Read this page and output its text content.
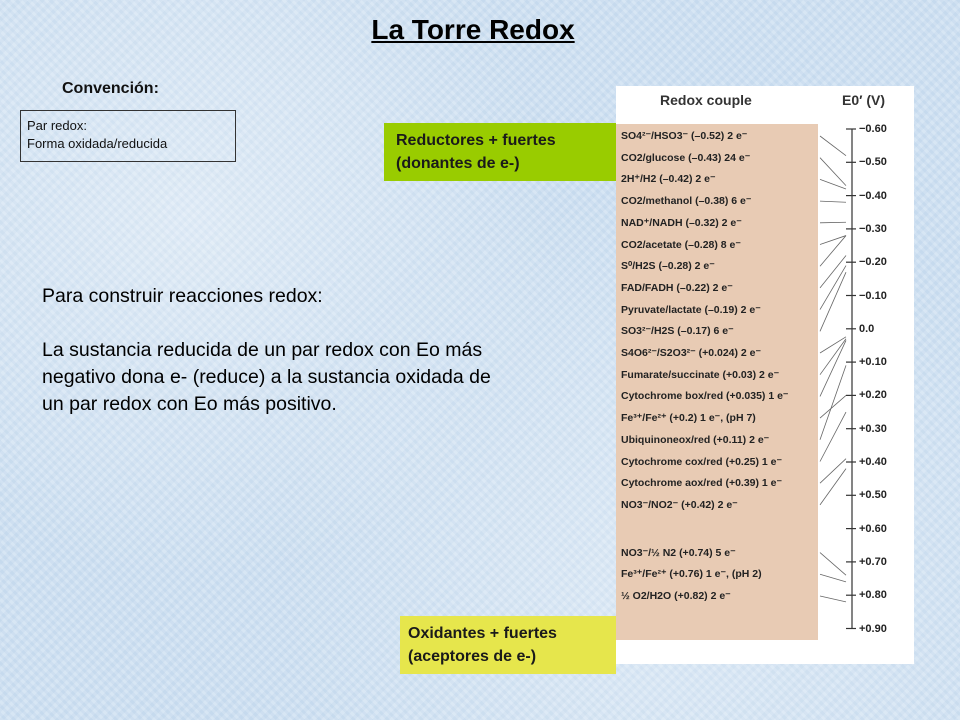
La Torre Redox
Convención:
Par redox:
Forma oxidada/reducida

Para construir reacciones redox:

La sustancia reducida de un par redox con Eo más negativo dona e- (reduce) a la sustancia oxidada de un par redox con Eo más positivo.

Reductores + fuertes
(donantes de e-)
Oxidantes + fuertes
(aceptores de e-)
Redox couple	E0′ (V)
SO4²⁻/HSO3⁻ (–0.52) 2 e⁻
CO2/glucose (–0.43) 24 e⁻
2H⁺/H2 (–0.42) 2 e⁻
CO2/methanol (–0.38) 6 e⁻
NAD⁺/NADH (–0.32) 2 e⁻
CO2/acetate (–0.28) 8 e⁻
S⁰/H2S (–0.28) 2 e⁻
FAD/FADH (–0.22) 2 e⁻
Pyruvate/lactate (–0.19) 2 e⁻
SO3²⁻/H2S (–0.17) 6 e⁻
S4O6²⁻/S2O3²⁻ (+0.024) 2 e⁻
Fumarate/succinate (+0.03) 2 e⁻
Cytochrome box/red (+0.035) 1 e⁻
Fe³⁺/Fe²⁺ (+0.2) 1 e⁻, (pH 7)
Ubiquinoneox/red (+0.11) 2 e⁻
Cytochrome cox/red (+0.25) 1 e⁻
Cytochrome aox/red (+0.39) 1 e⁻
NO3⁻/NO2⁻ (+0.42) 2 e⁻
NO3⁻/½ N2 (+0.74) 5 e⁻
Fe³⁺/Fe²⁺ (+0.76) 1 e⁻, (pH 2)
½ O2/H2O (+0.82) 2 e⁻
−0.60
−0.50
−0.40
−0.30
−0.20
−0.10
0.0
+0.10
+0.20
+0.30
+0.40
+0.50
+0.60
+0.70
+0.80
+0.90
